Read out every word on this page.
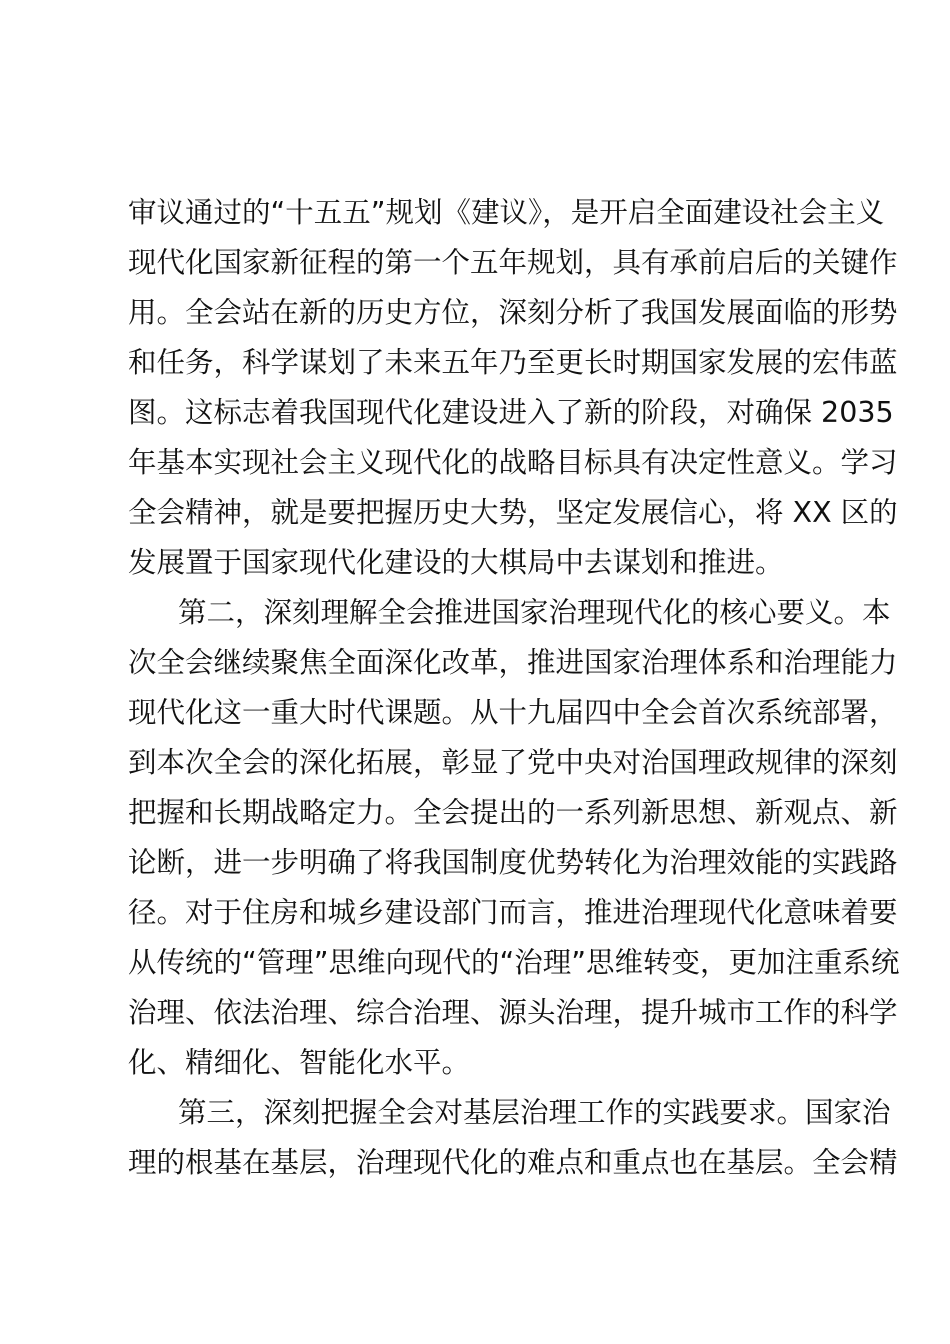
审议通过的“十五五”规划《建议》，是开启全面建设社会主义
现代化国家新征程的第一个五年规划，具有承前启后的关键作
用。全会站在新的历史方位，深刻分析了我国发展面临的形势
和任务，科学谋划了未来五年乃至更长时期国家发展的宏伟蓝
图。这标志着我国现代化建设进入了新的阶段，对确保 2035
年基本实现社会主义现代化的战略目标具有决定性意义。学习
全会精神，就是要把握历史大势，坚定发展信心，将 XX 区的
发展置于国家现代化建设的大棋局中去谋划和推进。
第二，深刻理解全会推进国家治理现代化的核心要义。本
次全会继续聚焦全面深化改革，推进国家治理体系和治理能力
现代化这一重大时代课题。从十九届四中全会首次系统部署，
到本次全会的深化拓展，彰显了党中央对治国理政规律的深刻
把握和长期战略定力。全会提出的一系列新思想、新观点、新
论断，进一步明确了将我国制度优势转化为治理效能的实践路
径。对于住房和城乡建设部门而言，推进治理现代化意味着要
从传统的“管理”思维向现代的“治理”思维转变，更加注重系统
治理、依法治理、综合治理、源头治理，提升城市工作的科学
化、精细化、智能化水平。
第三，深刻把握全会对基层治理工作的实践要求。国家治
理的根基在基层，治理现代化的难点和重点也在基层。全会精
